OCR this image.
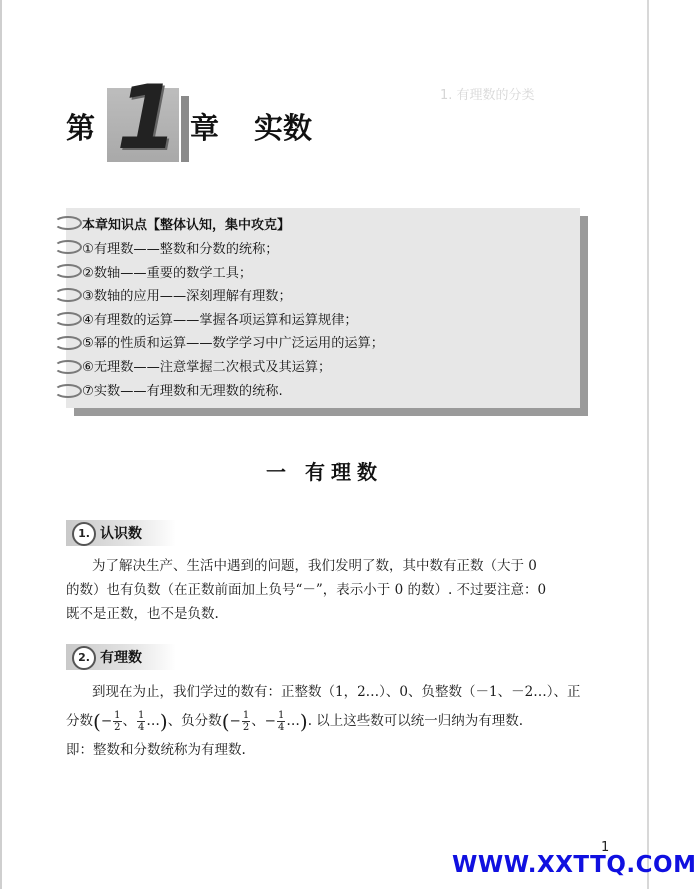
1. 有理数的分类
第 1 章 实数
本章知识点【整体认知，集中攻克】
①有理数——整数和分数的统称；
②数轴——重要的数学工具；
③数轴的应用——深刻理解有理数；
④有理数的运算——掌握各项运算和运算规律；
⑤幂的性质和运算——数学学习中广泛运用的运算；
⑥无理数——注意掌握二次根式及其运算；
⑦实数——有理数和无理数的统称.
一 有理数
1. 认识数
为了解决生产、生活中遇到的问题，我们发明了数，其中数有正数（大于 0
的数）也有负数（在正数前面加上负号“－”，表示小于 0 的数）. 不过要注意：0
既不是正数，也不是负数.
2. 有理数
到现在为止，我们学过的数有：正整数（1，2…）、0、负整数（－1、－2…）、正
分数(− $\frac{1}{2}$ 、 $\frac{1}{4}$ …)、负分数(− $\frac{1}{2}$ 、− $\frac{1}{4}$ …). 以上这些数可以统一归纳为有理数.
即：整数和分数统称为有理数.
1
WWW.XXTTQ.COM
